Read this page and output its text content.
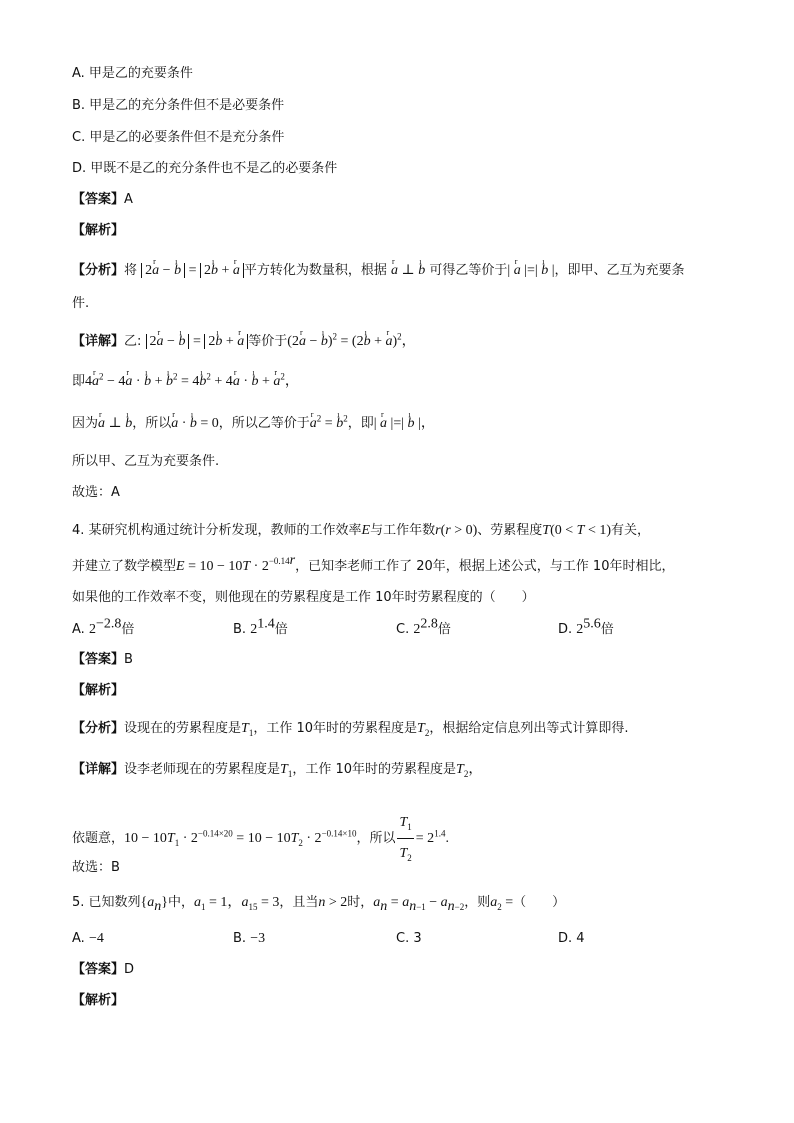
A. 甲是乙的充要条件
B. 甲是乙的充分条件但不是必要条件
C. 甲是乙的必要条件但不是充分条件
D. 甲既不是乙的充分条件也不是乙的必要条件
【答案】A
【解析】
【分析】将 2r a − ı b = 2ı b + r a 平方转化为数量积，根据 r a ⊥ ı b 可得乙等价于| r a |=| ı b |，即甲、乙互为充要条
件.
【详解】乙: 2r a − ı b = 2ı b + r a 等价于(2r a − ı b)$^2$ = (2ı b + r a)$^2$，
即4r $a^2 - 4r$ a · ı b + ı $b^2$ = 4ı $b^2 + 4r$ a · ı b + r $a^2$，
因为r a ⊥ ı b，所以r a · ı b = 0，所以乙等价于r $a^2$ = ı $b^2$，即| r a |=| ı b |，
所以甲、乙互为充要条件.
故选：A
4. 某研究机构通过统计分析发现，教师的工作效率E与工作年数r(r > 0)、劳累程度T(0 < T < 1)有关，
并建立了数学模型$E = 10 - 10T \cdot 2^{-0.14r}$，已知李老师工作了 20年，根据上述公式，与工作 10年时相比，
如果他的工作效率不变，则他现在的劳累程度是工作 10年时劳累程度的（　　）
A. $2^{-2.8}$倍	B. $2^{1.4}$倍	C. $2^{2.8}$倍	D. $2^{5.6}$倍
【答案】B
【解析】
【分析】设现在的劳累程度是$T_1$，工作 10年时的劳累程度是$T_2$，根据给定信息列出等式计算即得.
【详解】设李老师现在的劳累程度是$T_1$，工作 10年时的劳累程度是$T_2$，
依题意，$10 - 10T_1 \cdot 2^{-0.14\times 20} = 10 - 10T_2 \cdot 2^{-0.14\times 10}$，所以 $\frac{T_1}{T_2} = 2^{1.4}$.
故选：B
5. 已知数列$\{a_n\}$中，$a_1 = 1$，$a_{15} = 3$，且当n > 2时，$a_n = a_{n-1} - a_{n-2}$，则$a_2$ =（　　）
A. −4	B. −3	C. 3	D. 4
【答案】D
【解析】
